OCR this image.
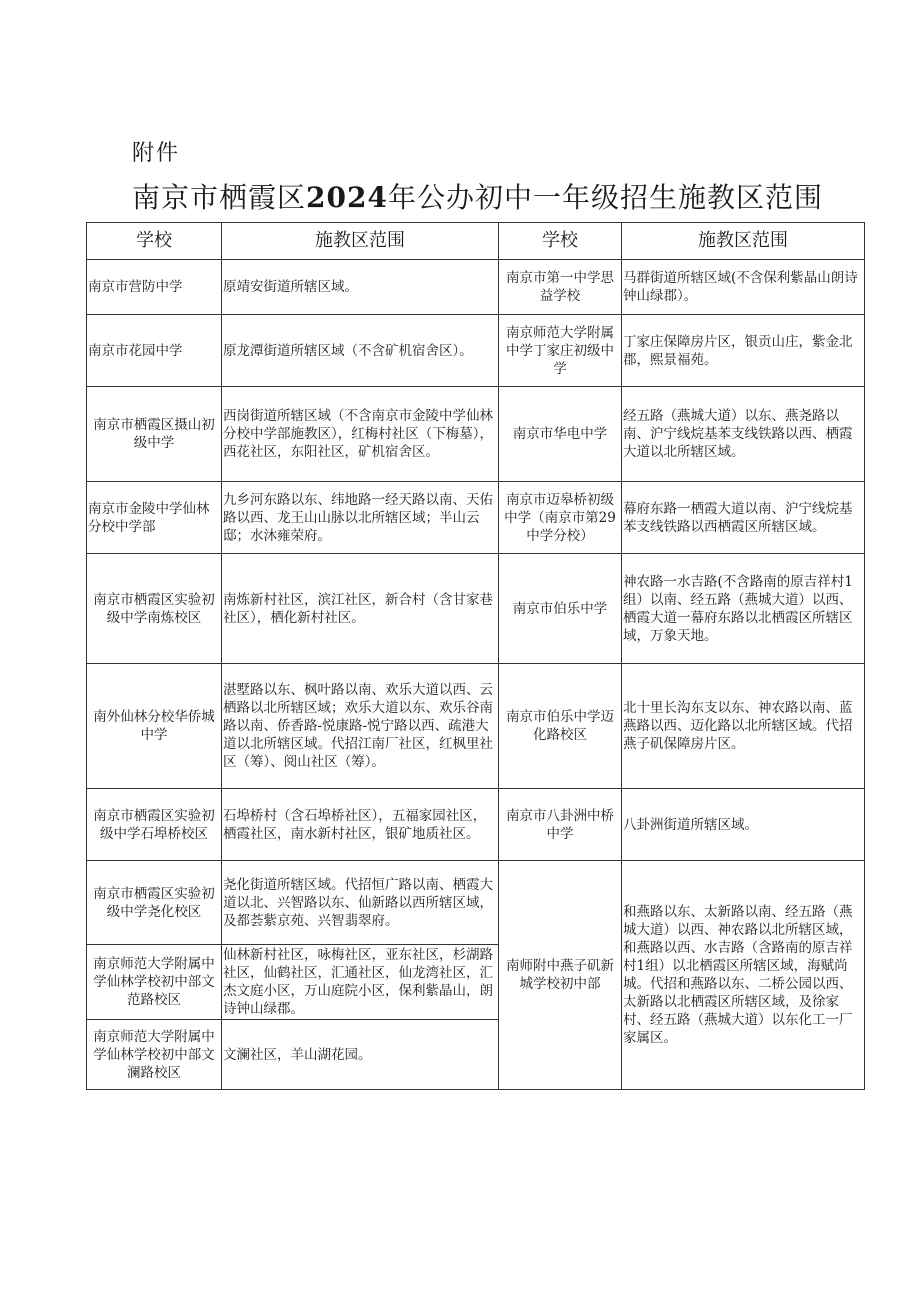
附件
南京市栖霞区2024年公办初中一年级招生施教区范围
学校	施教区范围	学校	施教区范围
南京市营防中学	原靖安街道所辖区域。	南京市第一中学思益学校	马群街道所辖区域(不含保利紫晶山朗诗钟山绿郡）。
南京市花园中学	原龙潭街道所辖区域（不含矿机宿舍区）。	南京师范大学附属中学丁家庄初级中学	丁家庄保障房片区，银贡山庄，紫金北郡，熙景福苑。
南京市栖霞区摄山初级中学	西岗街道所辖区域（不含南京市金陵中学仙林分校中学部施教区），红梅村社区（下梅墓），西花社区，东阳社区，矿机宿舍区。	南京市华电中学	经五路（燕城大道）以东、燕尧路以南、沪宁线烷基苯支线铁路以西、栖霞大道以北所辖区域。
南京市金陵中学仙林分校中学部	九乡河东路以东、纬地路一经天路以南、天佑路以西、龙王山山脉以北所辖区域；半山云邸；水沐雍荣府。	南京市迈皋桥初级中学（南京市第29中学分校）	幕府东路一栖霞大道以南、沪宁线烷基苯支线铁路以西栖霞区所辖区域。
南京市栖霞区实验初级中学南炼校区	南炼新村社区，滨江社区，新合村（含甘家巷社区），栖化新村社区。	南京市伯乐中学	神农路一水吉路(不含路南的原吉祥村1组）以南、经五路（燕城大道）以西、栖霞大道一幕府东路以北栖霞区所辖区域，万象天地。
南外仙林分校华侨城中学	湛墅路以东、枫叶路以南、欢乐大道以西、云栖路以北所辖区域；欢乐大道以东、欢乐谷南路以南、侨香路-悦康路-悦宁路以西、疏港大道以北所辖区域。代招江南厂社区，红枫里社区（筹）、阅山社区（筹）。	南京市伯乐中学迈化路校区	北十里长沟东支以东、神农路以南、蓝燕路以西、迈化路以北所辖区域。代招燕子矶保障房片区。
南京市栖霞区实验初级中学石埠桥校区	石埠桥村（含石埠桥社区），五福家园社区，栖霞社区，南水新村社区，银矿地质社区。	南京市八卦洲中桥中学	八卦洲街道所辖区域。
南京市栖霞区实验初级中学尧化校区	尧化街道所辖区域。代招恒广路以南、栖霞大道以北、兴智路以东、仙新路以西所辖区域，及都荟紫京苑、兴智翡翠府。	南师附中燕子矶新城学校初中部	和燕路以东、太新路以南、经五路（燕城大道）以西、神农路以北所辖区域，和燕路以西、水吉路（含路南的原吉祥村1组）以北栖霞区所辖区域，海赋尚城。代招和燕路以东、二桥公园以西、太新路以北栖霞区所辖区域，及徐家村、经五路（燕城大道）以东化工一厂家属区。
南京师范大学附属中学仙林学校初中部文范路校区	仙林新村社区，咏梅社区，亚东社区，杉湖路社区，仙鹤社区，汇通社区，仙龙湾社区，汇杰文庭小区，万山庭院小区，保利紫晶山，朗诗钟山绿郡。		
南京师范大学附属中学仙林学校初中部文澜路校区	文澜社区，羊山湖花园。		
